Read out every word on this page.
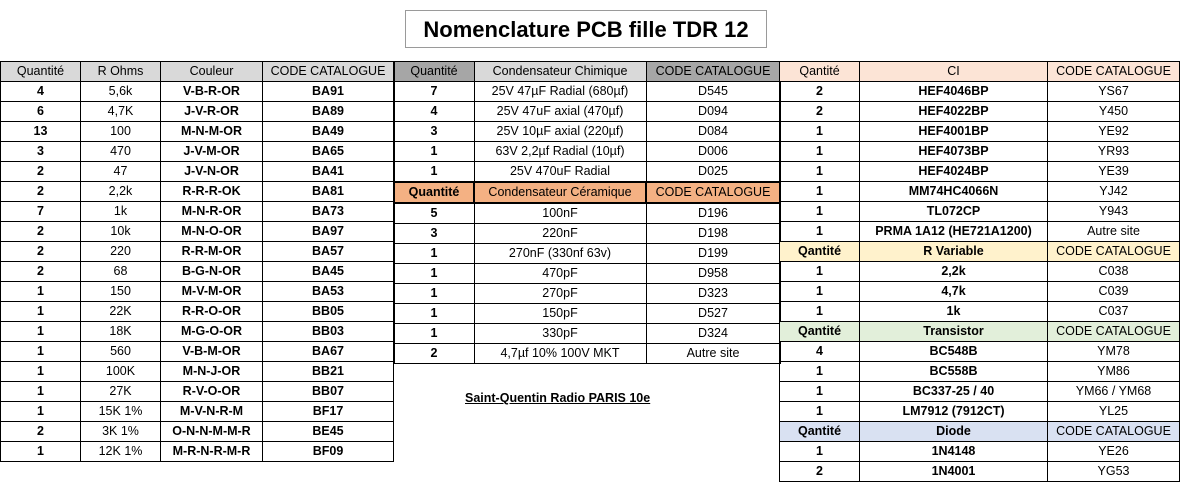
Nomenclature PCB fille TDR 12
Quantité	R Ohms	Couleur	CODE CATALOGUE
4	5,6k	V-B-R-OR	BA91
6	4,7K	J-V-R-OR	BA89
13	100	M-N-M-OR	BA49
3	470	J-V-M-OR	BA65
2	47	J-V-N-OR	BA41
2	2,2k	R-R-R-OK	BA81
7	1k	M-N-R-OR	BA73
2	10k	M-N-O-OR	BA97
2	220	R-R-M-OR	BA57
2	68	B-G-N-OR	BA45
1	150	M-V-M-OR	BA53
1	22K	R-R-O-OR	BB05
1	18K	M-G-O-OR	BB03
1	560	V-B-M-OR	BA67
1	100K	M-N-J-OR	BB21
1	27K	R-V-O-OR	BB07
1	15K 1%	M-V-N-R-M	BF17
2	3K 1%	O-N-N-M-M-R	BE45
1	12K 1%	M-R-N-R-M-R	BF09
Quantité	Condensateur Chimique	CODE CATALOGUE
7	25V 47µF Radial (680µf)	D545
4	25V 47uF axial (470µf)	D094
3	25V 10µF axial (220µf)	D084
1	63V 2,2µf Radial (10µf)	D006
1	25V 470uF Radial	D025
Quantité	Condensateur Céramique	CODE CATALOGUE
5	100nF	D196
3	220nF	D198
1	270nF (330nf 63v)	D199
1	470pF	D958
1	270pF	D323
1	150pF	D527
1	330pF	D324
2	4,7µf 10% 100V MKT	Autre site
Qantité	CI	CODE CATALOGUE
2	HEF4046BP	YS67
2	HEF4022BP	Y450
1	HEF4001BP	YE92
1	HEF4073BP	YR93
1	HEF4024BP	YE39
1	MM74HC4066N	YJ42
1	TL072CP	Y943
1	PRMA 1A12 (HE721A1200)	Autre site
Qantité	R Variable	CODE CATALOGUE
1	2,2k	C038
1	4,7k	C039
1	1k	C037
Qantité	Transistor	CODE CATALOGUE
4	BC548B	YM78
1	BC558B	YM86
1	BC337-25 / 40	YM66 / YM68
1	LM7912 (7912CT)	YL25
Qantité	Diode	CODE CATALOGUE
1	1N4148	YE26
2	1N4001	YG53
Saint-Quentin Radio PARIS 10e
